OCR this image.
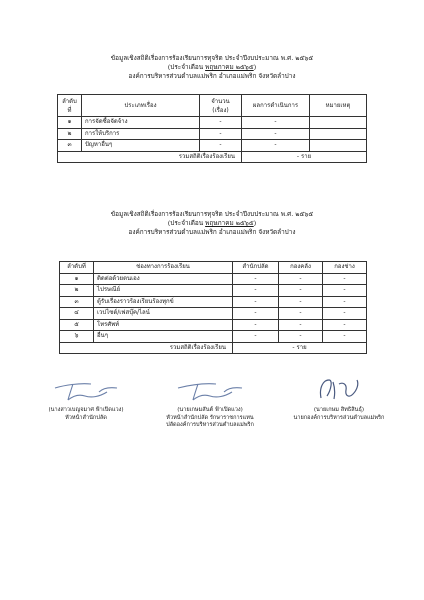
ข้อมูลเชิงสถิติเรื่องการร้องเรียนการทุจริต ประจำปีงบประมาณ พ.ศ. ๒๕๖๕
(ประจำเดือน พฤษภาคม ๒๕๖๕)
องค์การบริหารส่วนตำบลแม่พริก อำเภอแม่พริก จังหวัดลำปาง
ลำดับที่	ประเภทเรื่อง	จำนวน (เรื่อง)	ผลการดำเนินการ	หมายเหตุ
๑	การจัดซื้อจัดจ้าง	-	-	
๒	การให้บริการ	-	-	
๓	ปัญหาอื่นๆ	-	-	
รวมสถิติเรื่องร้องเรียน			- ราย	
ข้อมูลเชิงสถิติเรื่องการร้องเรียนการทุจริต ประจำปีงบประมาณ พ.ศ. ๒๕๖๕
(ประจำเดือน พฤษภาคม ๒๕๖๕)
องค์การบริหารส่วนตำบลแม่พริก อำเภอแม่พริก จังหวัดลำปาง
ลำดับที่	ช่องทางการร้องเรียน	สำนักปลัด	กองคลัง	กองช่าง
๑	ติดต่อด้วยตนเอง	-	-	-
๒	ไปรษณีย์	-	-	-
๓	ตู้รับเรื่องราวร้องเรียนร้องทุกข์	-	-	-
๔	เวปไซต์/เฟสบุ๊ค/ไลน์	-	-	-
๕	โทรศัพท์	-	-	-
๖	อื่นๆ	-	-	-
รวมสถิติเรื่องร้องเรียน		- ราย		
(นางสาวเบญจมาศ ฟ้าเปิดแวง)
หัวหน้าสำนักปลัด
(นายเกษมสันต์ ฟ้าเปิดแวง)
หัวหน้าสำนักปลัด รักษาราชการแทน
ปลัดองค์การบริหารส่วนตำบลแม่พริก
(นายเกษม สิทธิสินธุ์)
นายกองค์การบริหารส่วนตำบลแม่พริก
